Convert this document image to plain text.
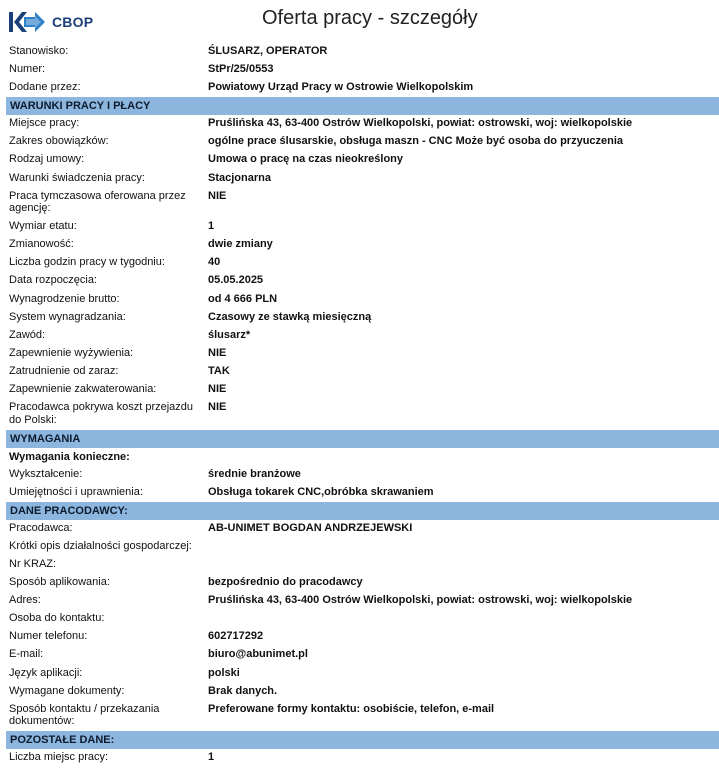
CBOP	Oferta pracy - szczegóły
Stanowisko:	ŚLUSARZ, OPERATOR
Numer:	StPr/25/0553
Dodane przez:	Powiatowy Urząd Pracy w Ostrowie Wielkopolskim
WARUNKI PRACY I PŁACY
Miejsce pracy:	Pruślińska 43, 63-400 Ostrów Wielkopolski, powiat: ostrowski, woj: wielkopolskie
Zakres obowiązków:	ogólne prace ślusarskie, obsługa maszn - CNC Może być osoba do przyuczenia
Rodzaj umowy:	Umowa o pracę na czas nieokreślony
Warunki świadczenia pracy:	Stacjonarna
Praca tymczasowa oferowana przez agencję:
NIE
Wymiar etatu:	1
Zmianowość:	dwie zmiany
Liczba godzin pracy w tygodniu:	40
Data rozpoczęcia:	05.05.2025
Wynagrodzenie brutto:	od 4 666 PLN
System wynagradzania:	Czasowy ze stawką miesięczną
Zawód:	ślusarz*
Zapewnienie wyżywienia:	NIE
Zatrudnienie od zaraz:	TAK
Zapewnienie zakwaterowania:	NIE
Pracodawca pokrywa koszt przejazdu do Polski:
NIE
WYMAGANIA
Wymagania konieczne:
Wykształcenie:	średnie branżowe
Umiejętności i uprawnienia:	Obsługa tokarek CNC,obróbka skrawaniem
DANE PRACODAWCY:
Pracodawca:	AB-UNIMET BOGDAN ANDRZEJEWSKI
Krótki opis działalności gospodarczej:
Nr KRAZ:
Sposób aplikowania:	bezpośrednio do pracodawcy
Adres:	Pruślińska 43, 63-400 Ostrów Wielkopolski, powiat: ostrowski, woj: wielkopolskie
Osoba do kontaktu:
Numer telefonu:	602717292
E-mail:	biuro@abunimet.pl
Język aplikacji:	polski
Wymagane dokumenty:	Brak danych.
Sposób kontaktu / przekazania dokumentów:
Preferowane formy kontaktu: osobiście, telefon, e-mail
POZOSTAŁE DANE:
Liczba miejsc pracy:	1
